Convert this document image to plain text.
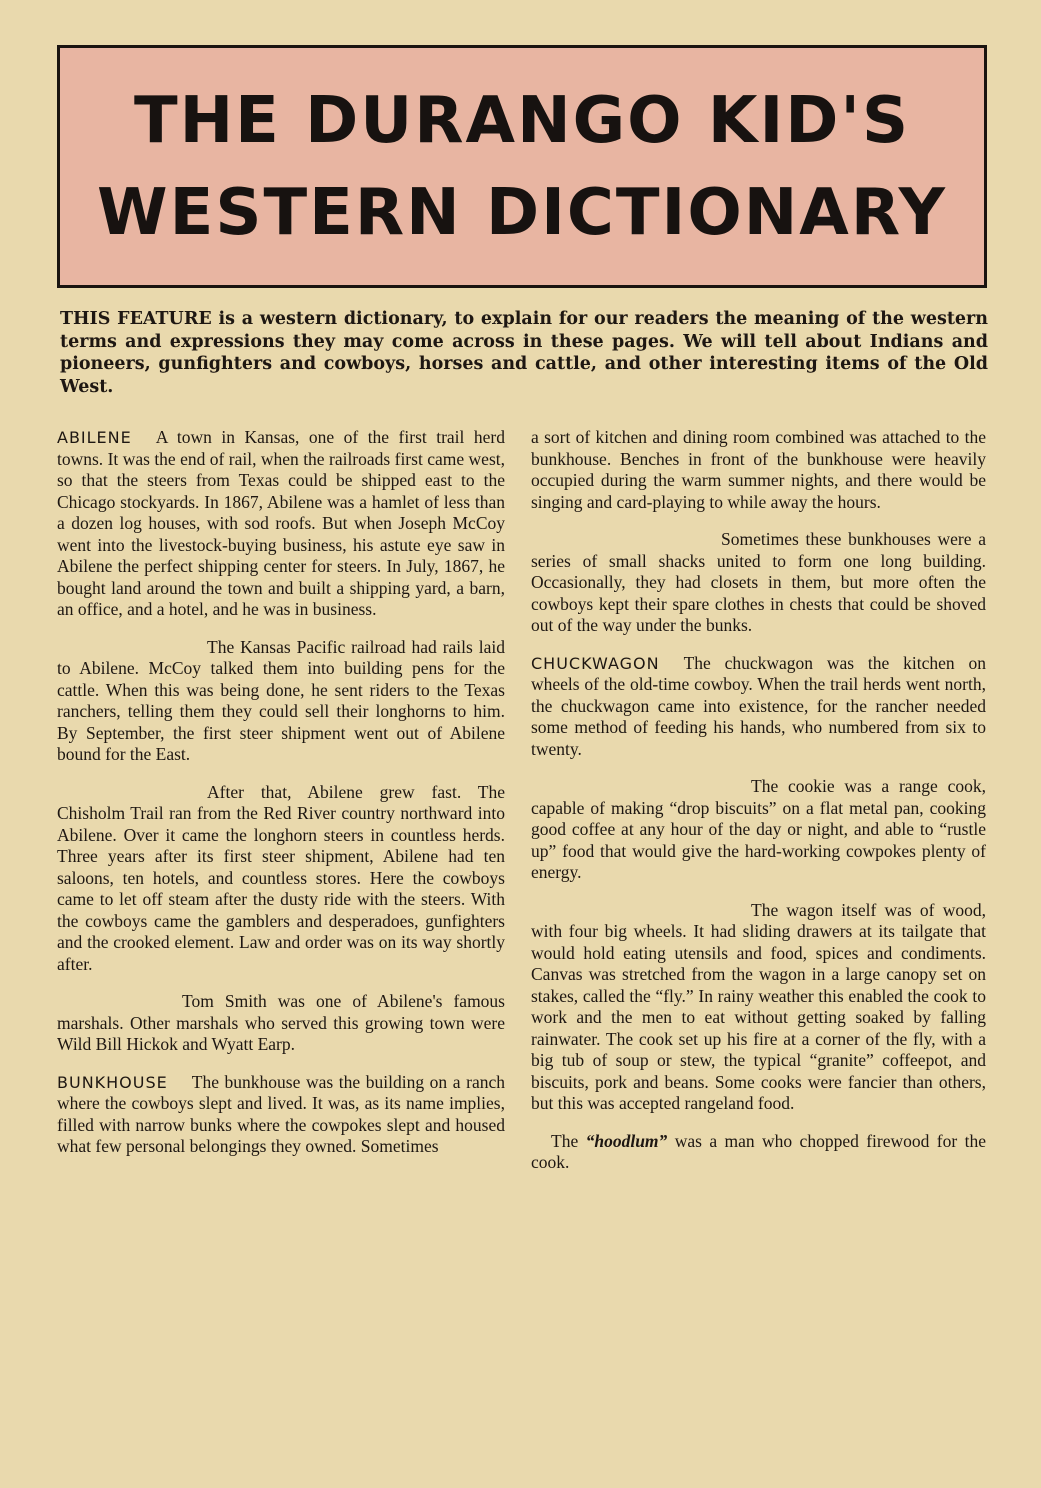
THE DURANGO KID'S
WESTERN DICTIONARY
THIS FEATURE is a western dictionary, to explain for our readers the meaning of the western terms and expressions they may come across in these pages. We will tell about Indians and pioneers, gunfighters and cowboys, horses and cattle, and other interesting items of the Old West.

ABILENE A town in Kansas, one of the first trail herd towns. It was the end of rail, when the railroads first came west, so that the steers from Texas could be shipped east to the Chicago stockyards. In 1867, Abilene was a hamlet of less than a dozen log houses, with sod roofs. But when Joseph McCoy went into the livestock-buying business, his astute eye saw in Abilene the perfect shipping center for steers. In July, 1867, he bought land around the town and built a shipping yard, a barn, an office, and a hotel, and he was in business.

The Kansas Pacific railroad had rails laid to Abilene. McCoy talked them into building pens for the cattle. When this was being done, he sent riders to the Texas ranchers, telling them they could sell their longhorns to him. By September, the first steer shipment went out of Abilene bound for the East.

After that, Abilene grew fast. The Chisholm Trail ran from the Red River country northward into Abilene. Over it came the longhorn steers in countless herds. Three years after its first steer shipment, Abilene had ten saloons, ten hotels, and countless stores. Here the cowboys came to let off steam after the dusty ride with the steers. With the cowboys came the gamblers and desperadoes, gunfighters and the crooked element. Law and order was on its way shortly after.

Tom Smith was one of Abilene's famous marshals. Other marshals who served this growing town were Wild Bill Hickok and Wyatt Earp.

BUNKHOUSE The bunkhouse was the building on a ranch where the cowboys slept and lived. It was, as its name implies, filled with narrow bunks where the cowpokes slept and housed what few personal belongings they owned. Sometimes

a sort of kitchen and dining room combined was attached to the bunkhouse. Benches in front of the bunkhouse were heavily occupied during the warm summer nights, and there would be singing and card-playing to while away the hours.

Sometimes these bunkhouses were a series of small shacks united to form one long building. Occasionally, they had closets in them, but more often the cowboys kept their spare clothes in chests that could be shoved out of the way under the bunks.

CHUCKWAGON The chuckwagon was the kitchen on wheels of the old-time cowboy. When the trail herds went north, the chuckwagon came into existence, for the rancher needed some method of feeding his hands, who numbered from six to twenty.

The cookie was a range cook, capable of making “drop biscuits” on a flat metal pan, cooking good coffee at any hour of the day or night, and able to “rustle up” food that would give the hard-working cowpokes plenty of energy.

The wagon itself was of wood, with four big wheels. It had sliding drawers at its tailgate that would hold eating utensils and food, spices and condiments. Canvas was stretched from the wagon in a large canopy set on stakes, called the “fly.” In rainy weather this enabled the cook to work and the men to eat without getting soaked by falling rainwater. The cook set up his fire at a corner of the fly, with a big tub of soup or stew, the typical “granite” coffeepot, and biscuits, pork and beans. Some cooks were fancier than others, but this was accepted rangeland food.

The “hoodlum” was a man who chopped firewood for the cook.
